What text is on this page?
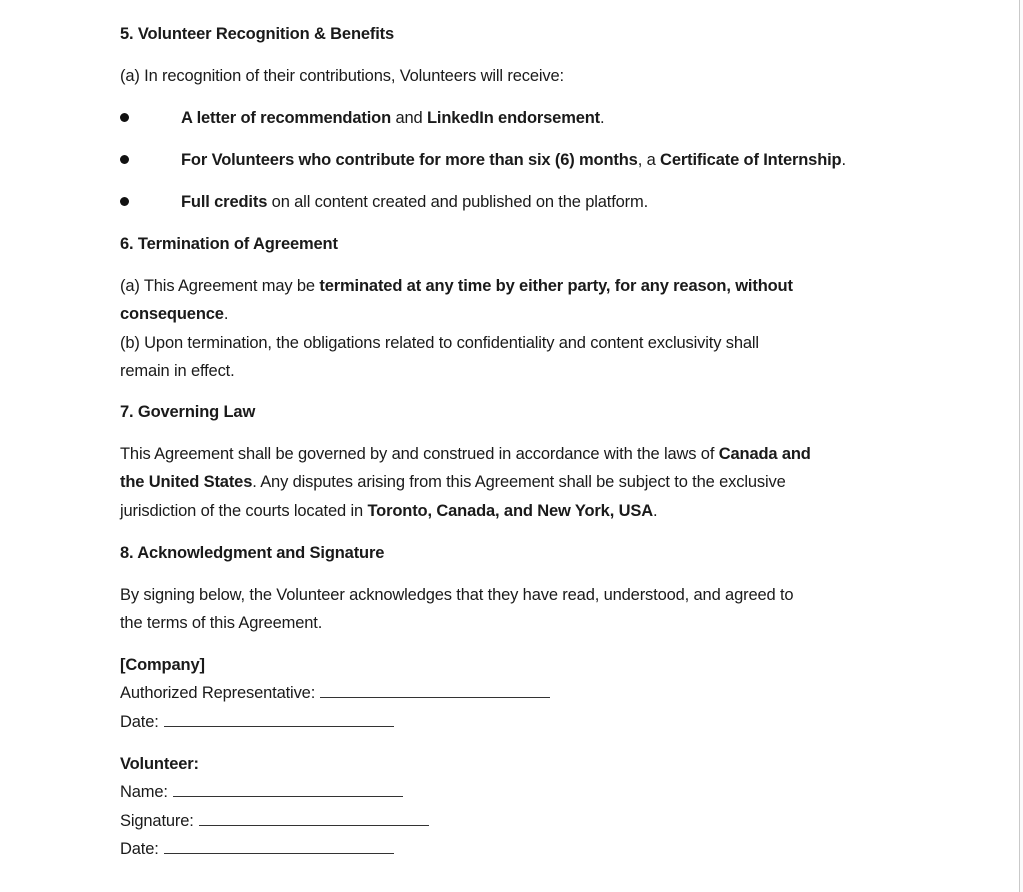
5. Volunteer Recognition & Benefits
(a) In recognition of their contributions, Volunteers will receive:
A letter of recommendation and LinkedIn endorsement.
For Volunteers who contribute for more than six (6) months, a Certificate of Internship.
Full credits on all content created and published on the platform.
6. Termination of Agreement
(a) This Agreement may be terminated at any time by either party, for any reason, without
consequence.
(b) Upon termination, the obligations related to confidentiality and content exclusivity shall
remain in effect.
7. Governing Law
This Agreement shall be governed by and construed in accordance with the laws of Canada and
the United States. Any disputes arising from this Agreement shall be subject to the exclusive
jurisdiction of the courts located in Toronto, Canada, and New York, USA.
8. Acknowledgment and Signature
By signing below, the Volunteer acknowledges that they have read, understood, and agreed to
the terms of this Agreement.
[Company]
Authorized Representative:
Date:
Volunteer:
Name:
Signature:
Date:
